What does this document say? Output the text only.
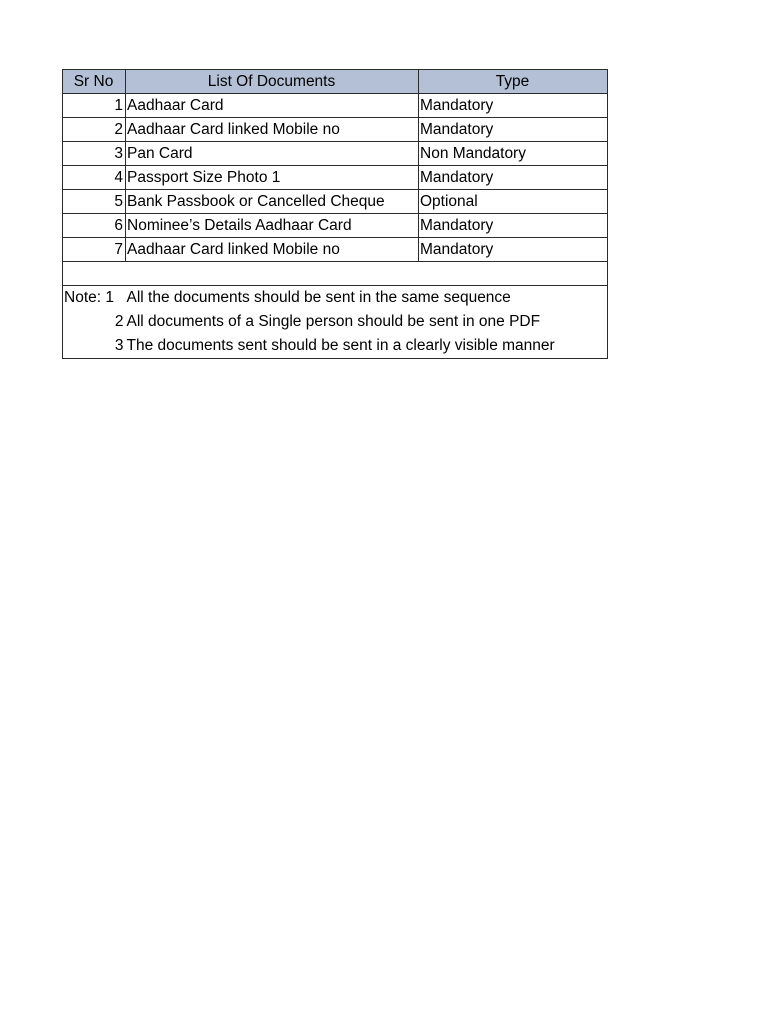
Sr No	List Of Documents	Type
1	Aadhaar Card	Mandatory
2	Aadhaar Card linked Mobile no	Mandatory
3	Pan Card	Non Mandatory
4	Passport Size Photo 1	Mandatory
5	Bank Passbook or Cancelled Cheque	Optional
6	Nominee’s Details Aadhaar Card	Mandatory
7	Aadhaar Card linked Mobile no	Mandatory

Note: 1	All the documents should be sent in the same sequence
2	All documents of a Single person should be sent in one PDF
3	The documents sent should be sent in a clearly visible manner
